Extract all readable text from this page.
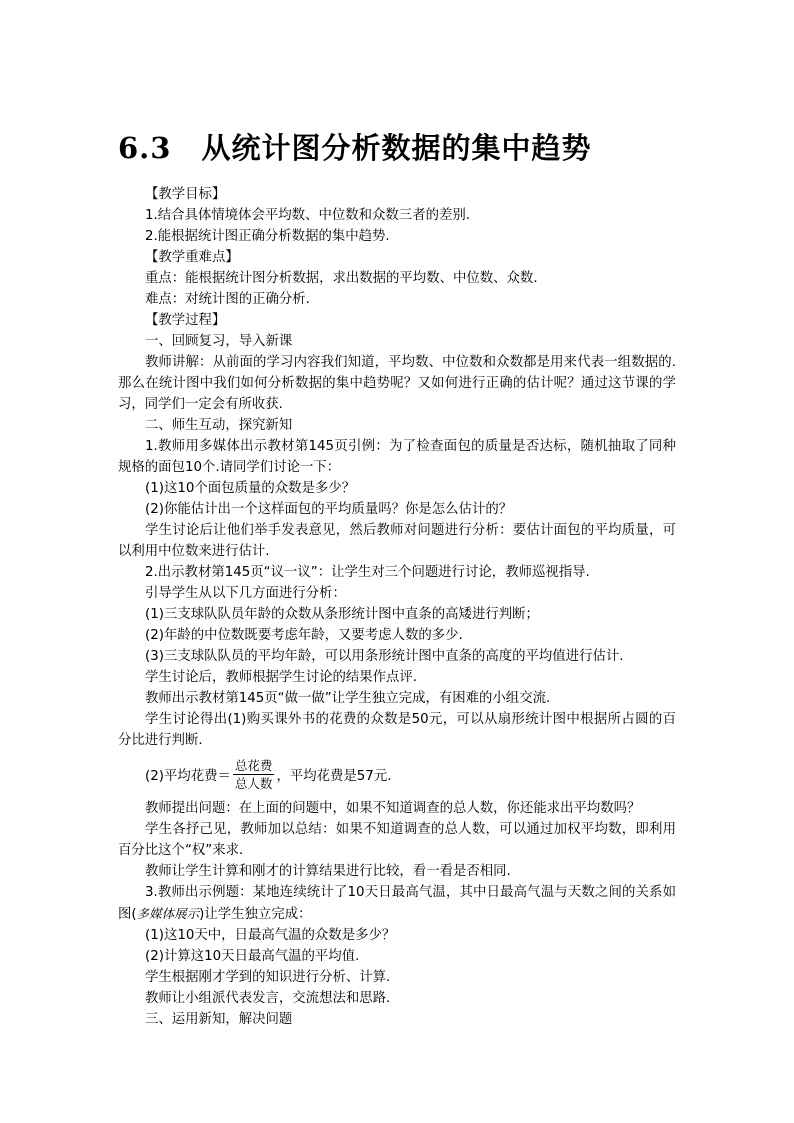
6.3 从统计图分析数据的集中趋势
【教学目标】
1.结合具体情境体会平均数、中位数和众数三者的差别.
2.能根据统计图正确分析数据的集中趋势.
【教学重难点】
重点：能根据统计图分析数据，求出数据的平均数、中位数、众数.
难点：对统计图的正确分析.
【教学过程】
一、回顾复习，导入新课
教师讲解：从前面的学习内容我们知道，平均数、中位数和众数都是用来代表一组数据的.那么在统计图中我们如何分析数据的集中趋势呢？又如何进行正确的估计呢？通过这节课的学习，同学们一定会有所收获.
二、师生互动，探究新知
1.教师用多媒体出示教材第145页引例：为了检查面包的质量是否达标，随机抽取了同种规格的面包10个.请同学们讨论一下：
(1)这10个面包质量的众数是多少？
(2)你能估计出一个这样面包的平均质量吗？你是怎么估计的？
学生讨论后让他们举手发表意见，然后教师对问题进行分析：要估计面包的平均质量，可以利用中位数来进行估计.
2.出示教材第145页“议一议”：让学生对三个问题进行讨论，教师巡视指导.
引导学生从以下几方面进行分析：
(1)三支球队队员年龄的众数从条形统计图中直条的高矮进行判断；
(2)年龄的中位数既要考虑年龄，又要考虑人数的多少.
(3)三支球队队员的平均年龄，可以用条形统计图中直条的高度的平均值进行估计.
学生讨论后，教师根据学生讨论的结果作点评.
教师出示教材第145页“做一做”让学生独立完成，有困难的小组交流.
学生讨论得出(1)购买课外书的花费的众数是50元，可以从扇形统计图中根据所占圆的百分比进行判断.
(2)平均花费＝ $\frac{\text{总花费}}{\text{总人数}}$ ，平均花费是57元.
教师提出问题：在上面的问题中，如果不知道调查的总人数，你还能求出平均数吗？
学生各抒己见，教师加以总结：如果不知道调查的总人数，可以通过加权平均数，即利用百分比这个“权”来求.
教师让学生计算和刚才的计算结果进行比较，看一看是否相同.
3.教师出示例题：某地连续统计了10天日最高气温，其中日最高气温与天数之间的关系如图(多媒体展示)让学生独立完成：
(1)这10天中，日最高气温的众数是多少？
(2)计算这10天日最高气温的平均值.
学生根据刚才学到的知识进行分析、计算.
教师让小组派代表发言，交流想法和思路.
三、运用新知，解决问题
